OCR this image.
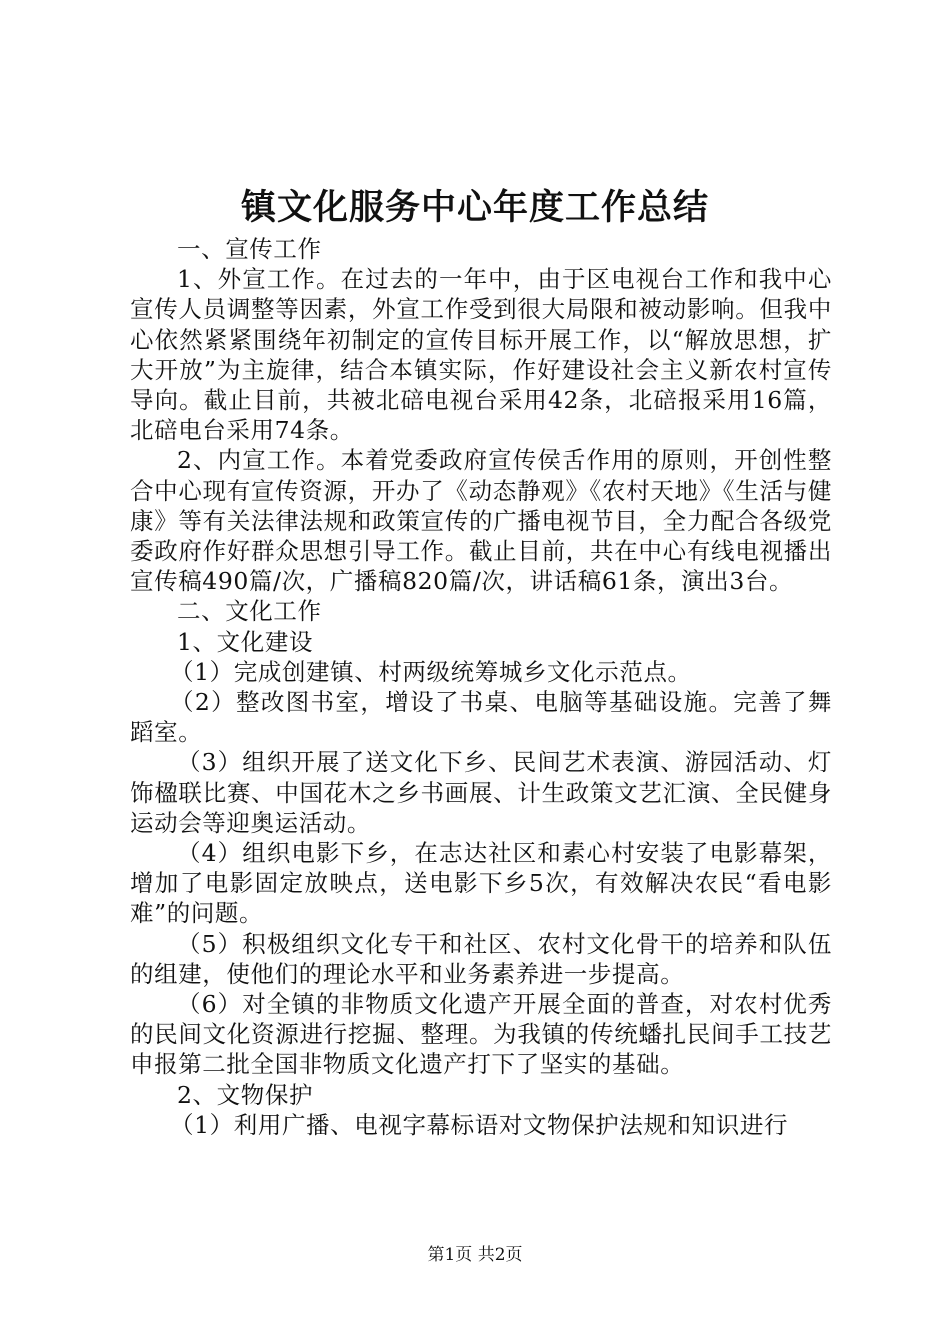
镇文化服务中心年度工作总结

一、宣传工作

1、外宣工作。在过去的一年中，由于区电视台工作和我中心宣传人员调整等因素，外宣工作受到很大局限和被动影响。但我中心依然紧紧围绕年初制定的宣传目标开展工作，以“解放思想，扩大开放”为主旋律，结合本镇实际，作好建设社会主义新农村宣传导向。截止目前，共被北碚电视台采用42条，北碚报采用16篇，北碚电台采用74条。

2、内宣工作。本着党委政府宣传侯舌作用的原则，开创性整合中心现有宣传资源，开办了《动态静观》《农村天地》《生活与健康》等有关法律法规和政策宣传的广播电视节目，全力配合各级党委政府作好群众思想引导工作。截止目前，共在中心有线电视播出宣传稿490篇/次，广播稿820篇/次，讲话稿61条，演出3台。

二、文化工作

1、文化建设

（1）完成创建镇、村两级统筹城乡文化示范点。

（2）整改图书室，增设了书桌、电脑等基础设施。完善了舞蹈室。

（3）组织开展了送文化下乡、民间艺术表演、游园活动、灯饰楹联比赛、中国花木之乡书画展、计生政策文艺汇演、全民健身运动会等迎奥运活动。

（4）组织电影下乡，在志达社区和素心村安装了电影幕架，增加了电影固定放映点，送电影下乡5次，有效解决农民“看电影难”的问题。

（5）积极组织文化专干和社区、农村文化骨干的培养和队伍的组建，使他们的理论水平和业务素养进一步提高。

（6）对全镇的非物质文化遗产开展全面的普查，对农村优秀的民间文化资源进行挖掘、整理。为我镇的传统蟠扎民间手工技艺申报第二批全国非物质文化遗产打下了坚实的基础。

2、文物保护

（1）利用广播、电视字幕标语对文物保护法规和知识进行

第1页 共2页
